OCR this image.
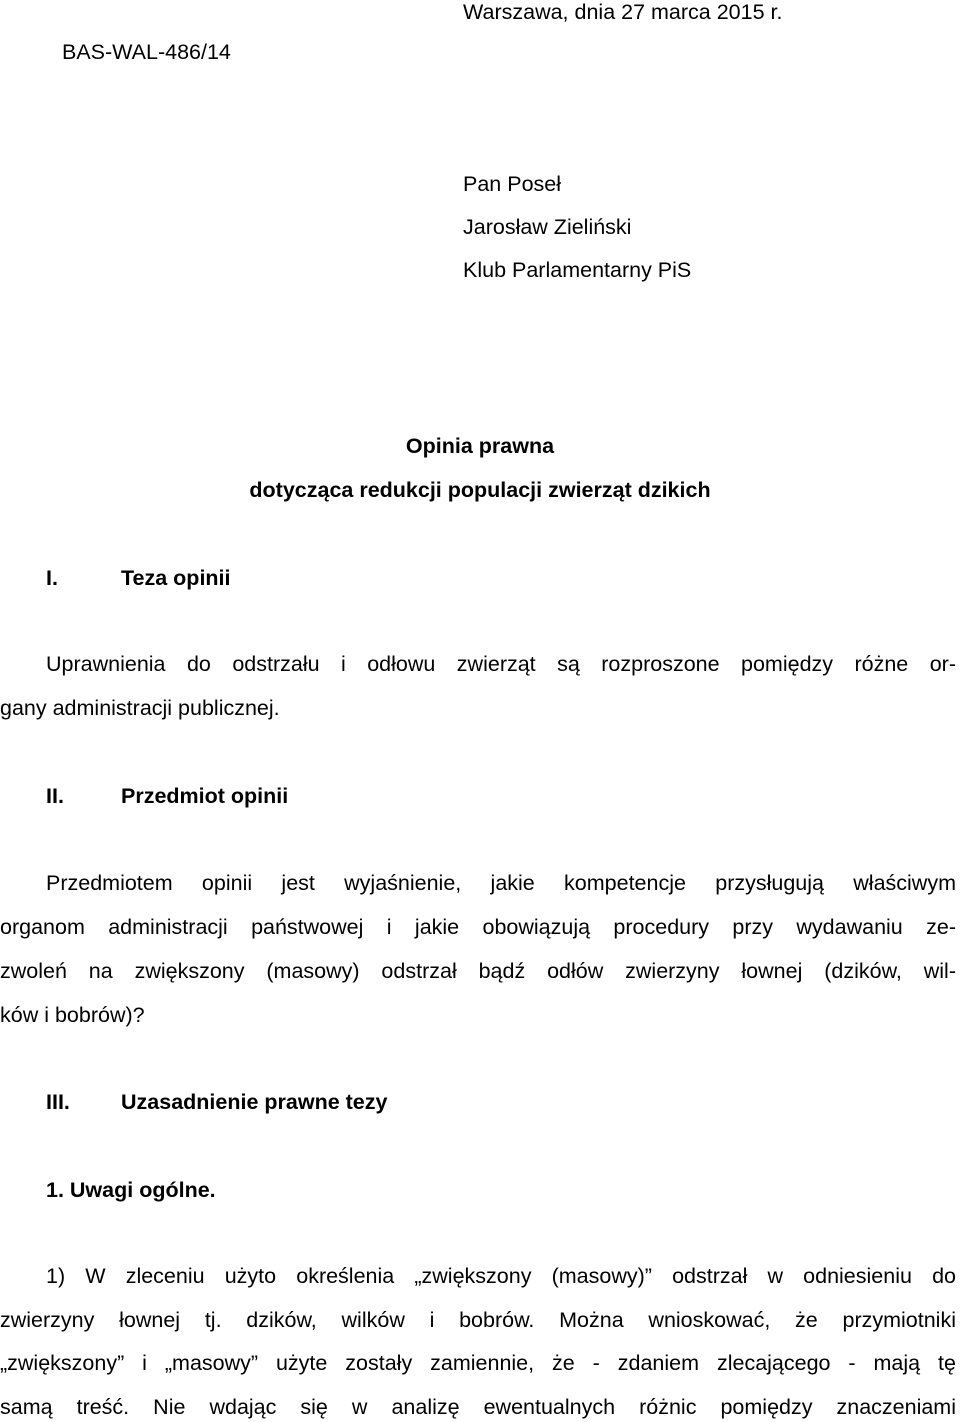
Warszawa, dnia 27 marca 2015 r.
BAS-WAL-486/14
Pan Poseł
Jarosław Zieliński
Klub Parlamentarny PiS
Opinia prawna
dotycząca redukcji populacji zwierząt dzikich
I.	Teza opinii
Uprawnienia do odstrzału i odłowu zwierząt są rozproszone pomiędzy różne or-
gany administracji publicznej.
II.	Przedmiot opinii
Przedmiotem opinii jest wyjaśnienie, jakie kompetencje przysługują właściwym
organom administracji państwowej i jakie obowiązują procedury przy wydawaniu ze-
zwoleń na zwiększony (masowy) odstrzał bądź odłów zwierzyny łownej (dzików, wil-
ków i bobrów)?
III. Uzasadnienie prawne tezy
1. Uwagi ogólne.
1) W zleceniu użyto określenia „zwiększony (masowy)” odstrzał w odniesieniu do
zwierzyny łownej tj. dzików, wilków i bobrów. Można wnioskować, że przymiotniki
„zwiększony” i „masowy” użyte zostały zamiennie, że - zdaniem zlecającego - mają tę
samą treść. Nie wdając się w analizę ewentualnych różnic pomiędzy znaczeniami
